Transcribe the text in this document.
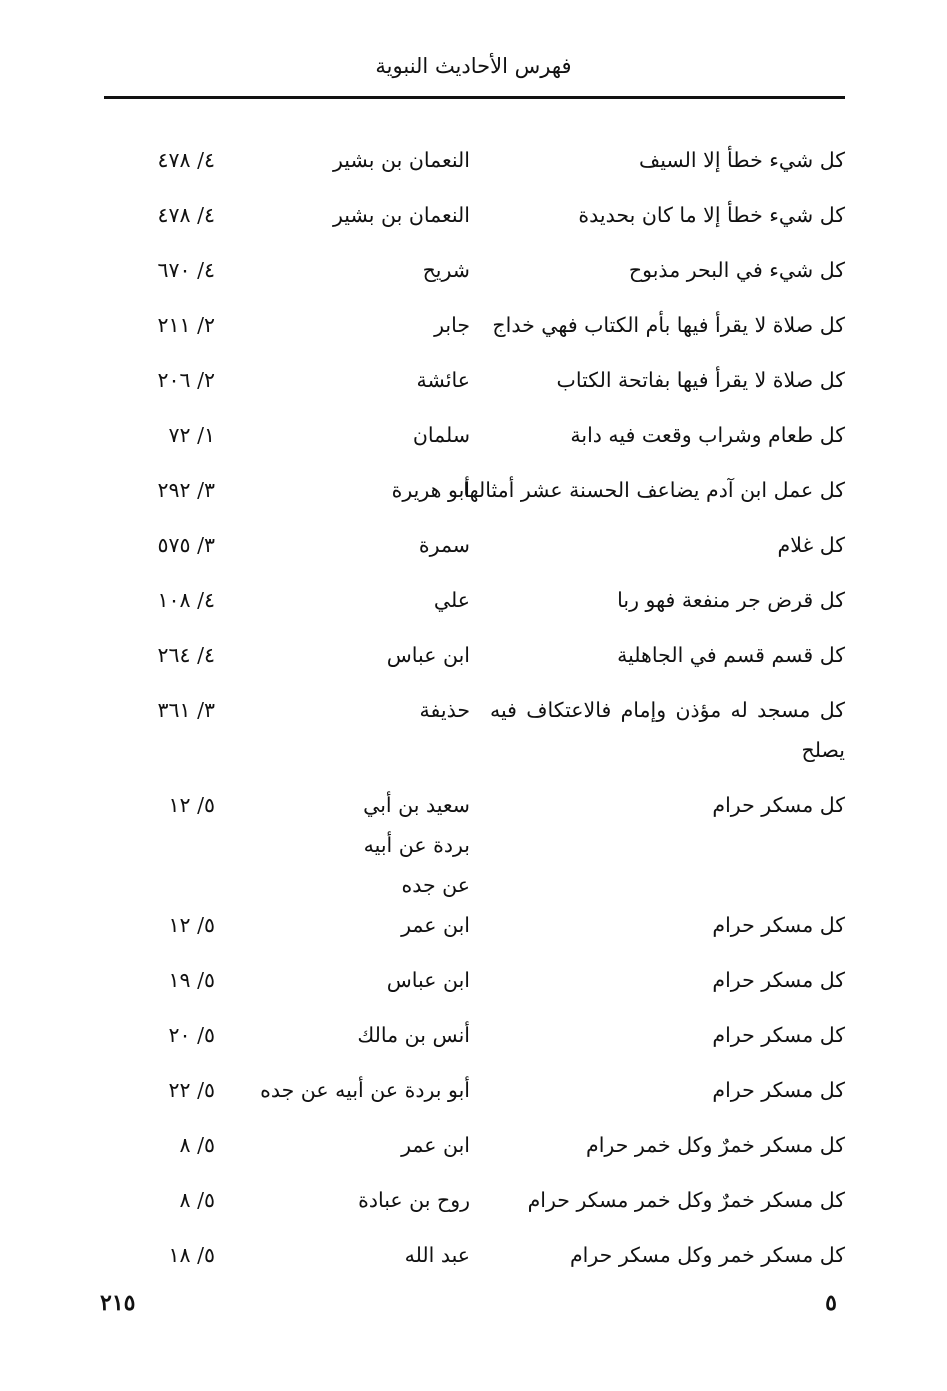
فهرس الأحاديث النبوية
كل شيء خطأ إلا السيف
النعمان بن بشير
٤/ ٤٧٨
كل شيء خطأ إلا ما كان بحديدة
النعمان بن بشير
٤/ ٤٧٨
كل شيء في البحر مذبوح
شريح
٤/ ٦٧٠
كل صلاة لا يقرأ فيها بأم الكتاب فهي خداج
جابر
٢/ ٢١١
كل صلاة لا يقرأ فيها بفاتحة الكتاب
عائشة
٢/ ٢٠٦
كل طعام وشراب وقعت فيه دابة
سلمان
١/ ٧٢
كل عمل ابن آدم يضاعف الحسنة عشر أمثالها
أبو هريرة
٣/ ٢٩٢
كل غلام
سمرة
٣/ ٥٧٥
كل قرض جر منفعة فهو ربا
علي
٤/ ١٠٨
كل قسم قسم في الجاهلية
ابن عباس
٤/ ٢٦٤
كل مسجد له مؤذن وإمام فالاعتكاف فيه يصلح
حذيفة
٣/ ٣٦١
كل مسكر حرام
سعيد بن أبي بردة عن أبيه عن جده
٥/ ١٢
كل مسكر حرام
ابن عمر
٥/ ١٢
كل مسكر حرام
ابن عباس
٥/ ١٩
كل مسكر حرام
أنس بن مالك
٥/ ٢٠
كل مسكر حرام
أبو بردة عن أبيه عن جده
٥/ ٢٢
كل مسكر خمرٌ وكل خمر حرام
ابن عمر
٥/ ٨
كل مسكر خمرٌ وكل خمر مسكر حرام
روح بن عبادة
٥/ ٨
كل مسكر خمر وكل مسكر حرام
عبد الله
٥/ ١٨
٥
٢١٥
